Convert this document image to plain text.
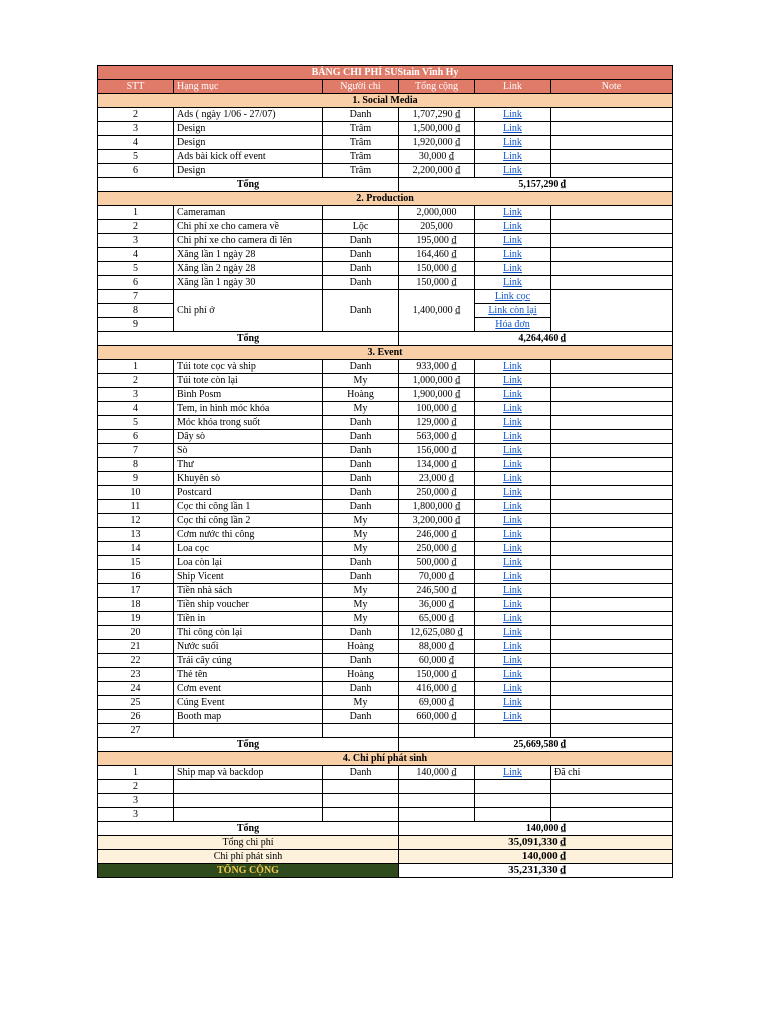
BẢNG CHI PHÍ SUStain Vĩnh Hy					
STT	Hạng mục	Người chi	Tổng cộng	Link	Note
1. Social Media					
2	Ads ( ngày 1/06 - 27/07)	Danh	1,707,290 ₫	Link	
3	Design	Trâm	1,500,000 ₫	Link	
4	Design	Trâm	1,920,000 ₫	Link	
5	Ads bài kick off event	Trâm	30,000 ₫	Link	
6	Design	Trâm	2,200,000 ₫	Link	
Tổng			5,157,290 ₫		
2. Production					
1	Cameraman		2,000,000	Link	
2	Chi phí xe cho camera về	Lộc	205,000	Link	
3	Chi phí xe cho camera đi lên	Danh	195,000 ₫	Link	
4	Xăng lần 1 ngày 28	Danh	164,460 ₫	Link	
5	Xăng lần 2 ngày 28	Danh	150,000 ₫	Link	
6	Xăng lần 1 ngày 30	Danh	150,000 ₫	Link	
7	Chi phí ở	Danh	1,400,000 ₫	Link cọc	
8				Link còn lại	
9				Hóa đơn	
Tổng			4,264,460 ₫		
3. Event					
1	Túi tote cọc và ship	Danh	933,000 ₫	Link	
2	Túi tote còn lại	My	1,000,000 ₫	Link	
3	Bình Posm	Hoàng	1,900,000 ₫	Link	
4	Tem, in hình móc khóa	My	100,000 ₫	Link	
5	Móc khóa trong suốt	Danh	129,000 ₫	Link	
6	Dây sò	Danh	563,000 ₫	Link	
7	Sò	Danh	156,000 ₫	Link	
8	Thư	Danh	134,000 ₫	Link	
9	Khuyên sò	Danh	23,000 ₫	Link	
10	Postcard	Danh	250,000 ₫	Link	
11	Cọc thi công lần 1	Danh	1,800,000 ₫	Link	
12	Cọc thi công lần 2	My	3,200,000 ₫	Link	
13	Cơm nước thi công	My	246,000 ₫	Link	
14	Loa cọc	My	250,000 ₫	Link	
15	Loa còn lại	Danh	500,000 ₫	Link	
16	Ship Vicent	Danh	70,000 ₫	Link	
17	Tiền nhà sách	My	246,500 ₫	Link	
18	Tiền ship voucher	My	36,000 ₫	Link	
19	Tiền in	My	65,000 ₫	Link	
20	Thi công còn lại	Danh	12,625,080 ₫	Link	
21	Nước suối	Hoàng	88,000 ₫	Link	
22	Trái cây cúng	Danh	60,000 ₫	Link	
23	Thẻ tên	Hoàng	150,000 ₫	Link	
24	Cơm event	Danh	416,000 ₫	Link	
25	Cúng Event	My	69,000 ₫	Link	
26	Booth map	Danh	660,000 ₫	Link	
27					
Tổng			25,669,580 ₫		
4. Chi phí phát sinh					
1	Ship map và backdop	Danh	140,000 ₫	Link	Đã chi
2					
3					
3					
Tổng			140,000 ₫		
Tổng chi phí			35,091,330 ₫		
Chi phí phát sinh			140,000 ₫		
TỔNG CỘNG			35,231,330 ₫		
